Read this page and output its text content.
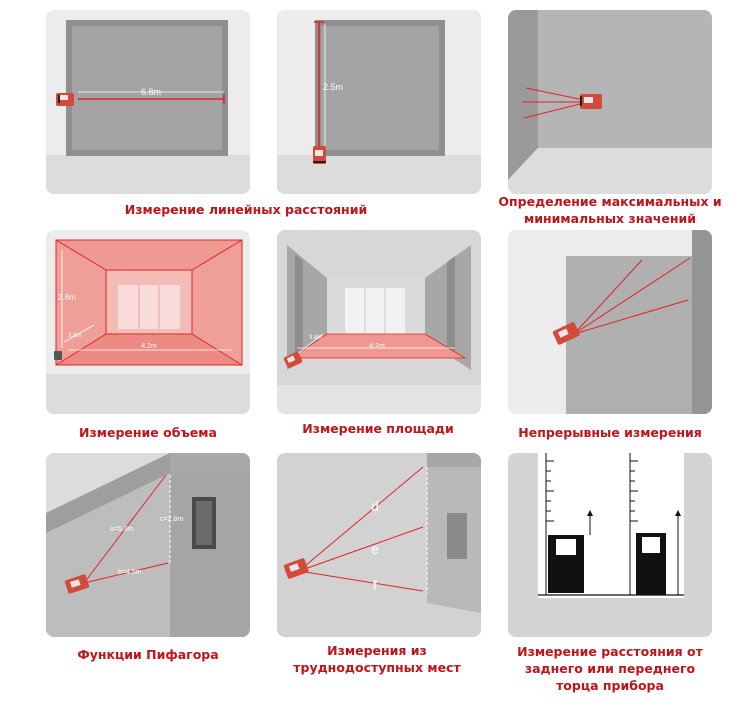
6.8m	2.5m
2.8m
3.8m
4.2m
3.8m
4.2m
a=5.3m
c=2.8m
b=4.5m
d
e
f
Измерение линейных расстояний
Определение максимальных и минимальных значений
Измерение объема	Измерение площади	Непрерывные измерения
Функции Пифагора	Измерения из труднодоступных мест
Измерение расстояния от заднего или переднего торца прибора
